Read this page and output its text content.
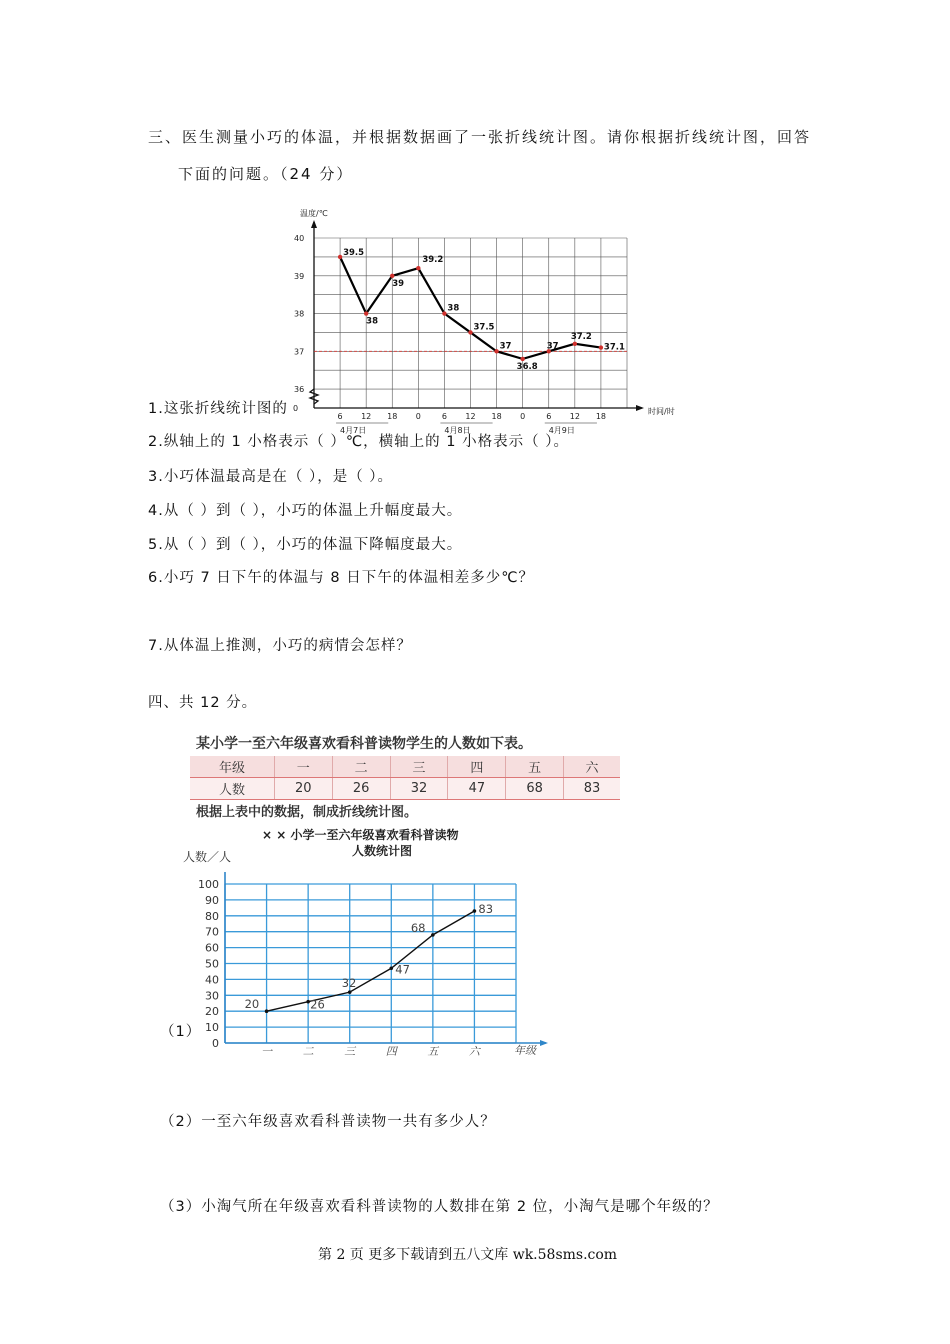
三、医生测量小巧的体温，并根据数据画了一张折线统计图。请你根据折线统计图，回答
下面的问题。（24 分）
温度/℃
时间/时
0
40
39
38
37
36
6 12 18 0	6 12 18 0	6 12 18
4月7日	4月8日	4月9日
39.5
38
39
39.2
38
37.5
37
36.8
37
37.2
37.1
1.这张折线统计图的
2.纵轴上的 1 小格表示（ ）℃，横轴上的 1 小格表示（ ）。
3.小巧体温最高是在（ ），是（ ）。
4.从（ ）到（ ），小巧的体温上升幅度最大。
5.从（ ）到（ ），小巧的体温下降幅度最大。
6.小巧 7 日下午的体温与 8 日下午的体温相差多少℃？
7.从体温上推测，小巧的病情会怎样？
四、共 12 分。
某小学一至六年级喜欢看科普读物学生的人数如下表。
年级	一	二	三	四	五	六
人数	20	26	32	47	68	83
根据上表中的数据，制成折线统计图。
× × 小学一至六年级喜欢看科普读物
人数统计图
人数／人
100
90
80
70
60
50
40
30
20
10
0
一	二	三	四	五	六	年级
20	26
32
47
68
83
（1）
（2）一至六年级喜欢看科普读物一共有多少人？
（3）小淘气所在年级喜欢看科普读物的人数排在第 2 位，小淘气是哪个年级的？
第 2 页 更多下载请到五八文库 wk.58sms.com
